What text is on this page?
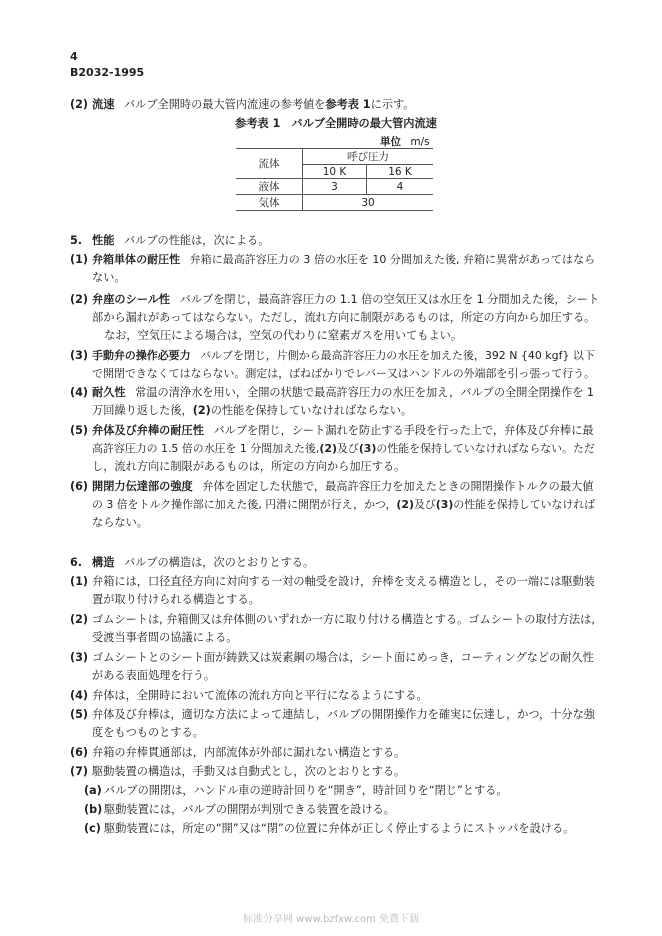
4
B2032-1995
(2) 流速 バルブ全開時の最大管内流速の参考値を参考表 1に示す。
参考表 1　バルブ全開時の最大管内流速
単位 m/s
流体	呼び圧力	
	10 K	16 K
液体	3	4
気体	30	
5. 性能 バルブの性能は，次による。
(1) 弁箱単体の耐圧性 弁箱に最高許容圧力の 3 倍の水圧を 10 分間加えた後, 弁箱に異常があってはなら
ない。
(2) 弁座のシール性 バルブを閉じ，最高許容圧力の 1.1 倍の空気圧又は水圧を 1 分間加えた後，シート
部から漏れがあってはならない。ただし，流れ方向に制限があるものは，所定の方向から加圧する。
なお，空気圧による場合は，空気の代わりに窒素ガスを用いてもよい。
(3) 手動弁の操作必要力 バルブを閉じ，片側から最高許容圧力の水圧を加えた後，392 N {40 kgf} 以下
で開閉できなくてはならない。測定は，ばねばかりでレバー又はハンドルの外端部を引っ張って行う。
(4) 耐久性 常温の清浄水を用い，全開の状態で最高許容圧力の水圧を加え，バルブの全開全閉操作を 1
万回繰り返した後，(2)の性能を保持していなければならない。
(5) 弁体及び弁棒の耐圧性 バルブを閉じ，シート漏れを防止する手段を行った上で，弁体及び弁棒に最
高許容圧力の 1.5 倍の水圧を 1 分間加えた後,(2)及び(3)の性能を保持していなければならない。ただ
し，流れ方向に制限があるものは，所定の方向から加圧する。
(6) 開閉力伝達部の強度 弁体を固定した状態で，最高許容圧力を加えたときの開閉操作トルクの最大値
の 3 倍をトルク操作部に加えた後, 円滑に開閉が行え，かつ，(2)及び(3)の性能を保持していなければ
ならない。
6. 構造 バルブの構造は，次のとおりとする。
(1) 弁箱には，口径直径方向に対向する一対の軸受を設け，弁棒を支える構造とし，その一端には駆動装
置が取り付けられる構造とする。
(2) ゴムシートは, 弁箱側又は弁体側のいずれか一方に取り付ける構造とする。ゴムシートの取付方法は,
受渡当事者間の協議による。
(3) ゴムシートとのシート面が鋳鉄又は炭素鋼の場合は，シート面にめっき，コーティングなどの耐久性
がある表面処理を行う。
(4) 弁体は，全開時において流体の流れ方向と平行になるようにする。
(5) 弁体及び弁棒は，適切な方法によって連結し，バルブの開閉操作力を確実に伝達し，かつ，十分な強
度をもつものとする。
(6) 弁箱の弁棒貫通部は，内部流体が外部に漏れない構造とする。
(7) 駆動装置の構造は，手動又は自動式とし，次のとおりとする。
(a) バルブの開閉は，ハンドル車の逆時計回りを“開き”，時計回りを“閉じ”とする。
(b) 駆動装置には，バルブの開閉が判別できる装置を設ける。
(c) 駆動装置には，所定の“開”又は“閉”の位置に弁体が正しく停止するようにストッパを設ける。
标准分享网 www.bzfxw.com 免费下载
